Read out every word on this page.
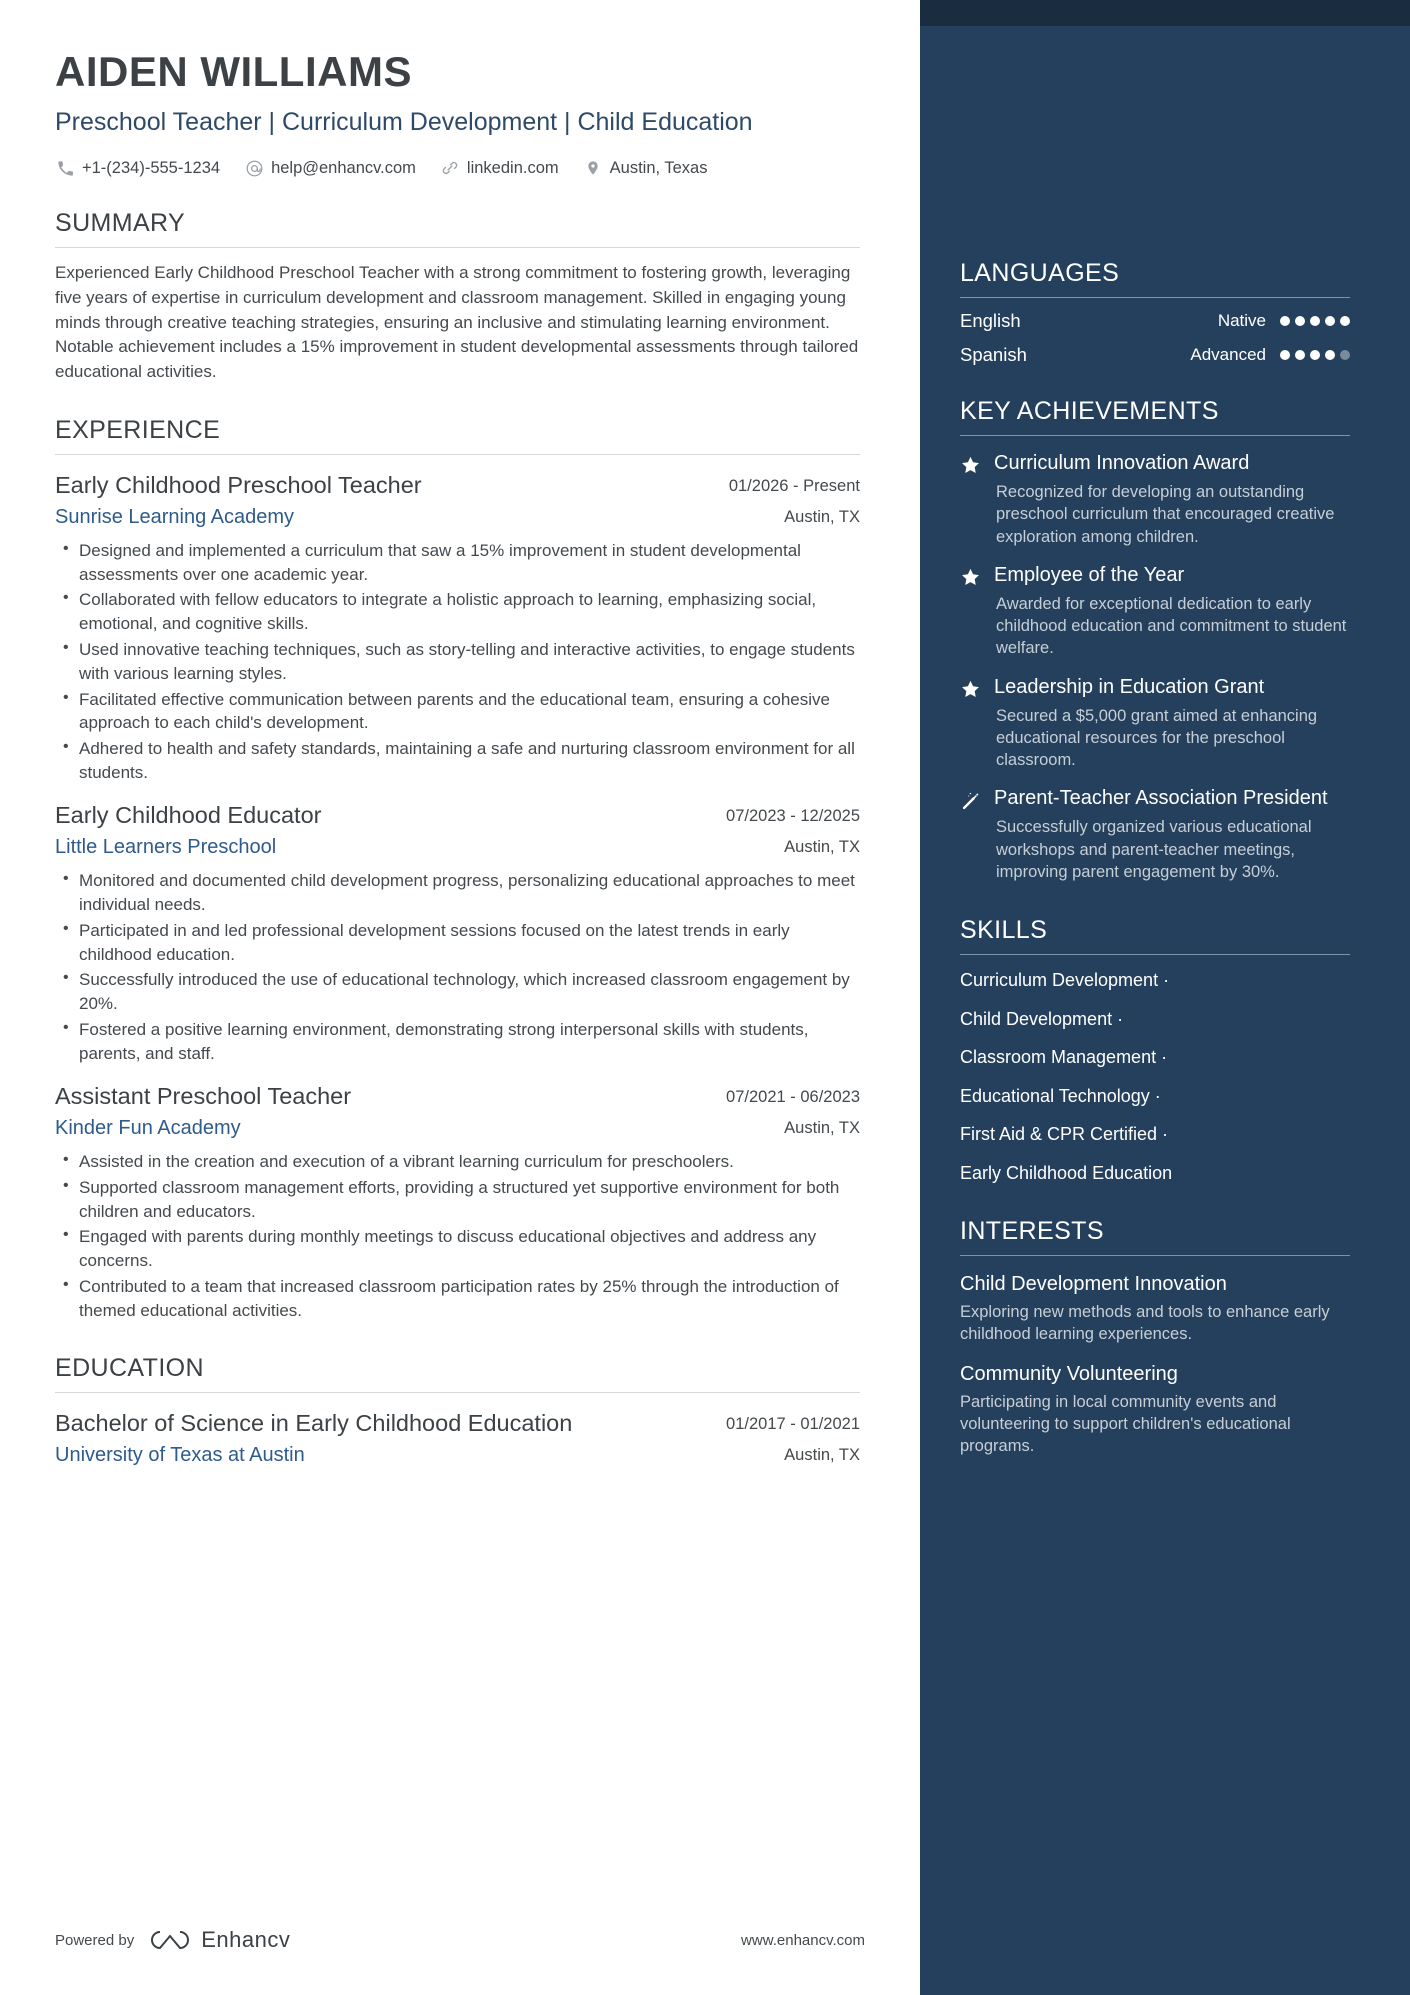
LANGUAGES
English	Native
Spanish	Advanced
KEY ACHIEVEMENTS
Curriculum Innovation Award
Recognized for developing an outstanding preschool curriculum that encouraged creative exploration among children.
Employee of the Year
Awarded for exceptional dedication to early childhood education and commitment to student welfare.
Leadership in Education Grant
Secured a $5,000 grant aimed at enhancing educational resources for the preschool classroom.
Parent-Teacher Association President
Successfully organized various educational workshops and parent-teacher meetings, improving parent engagement by 30%.
SKILLS
Curriculum Development ·
Child Development ·
Classroom Management ·
Educational Technology ·
First Aid & CPR Certified ·
Early Childhood Education
INTERESTS
Child Development Innovation
Exploring new methods and tools to enhance early childhood learning experiences.
Community Volunteering
Participating in local community events and volunteering to support children's educational programs.
AIDEN WILLIAMS
Preschool Teacher | Curriculum Development | Child Education
+1-(234)-555-1234	help@enhancv.com	linkedin.com	Austin, Texas
SUMMARY

Experienced Early Childhood Preschool Teacher with a strong commitment to fostering growth, leveraging five years of expertise in curriculum development and classroom management. Skilled in engaging young minds through creative teaching strategies, ensuring an inclusive and stimulating learning environment. Notable achievement includes a 15% improvement in student developmental assessments through tailored educational activities.

EXPERIENCE
Early Childhood Preschool Teacher	01/2026 - Present
Sunrise Learning Academy	Austin, TX
• Designed and implemented a curriculum that saw a 15% improvement in student developmental assessments over one academic year.
• Collaborated with fellow educators to integrate a holistic approach to learning, emphasizing social, emotional, and cognitive skills.
• Used innovative teaching techniques, such as story-telling and interactive activities, to engage students with various learning styles.
• Facilitated effective communication between parents and the educational team, ensuring a cohesive approach to each child's development.
• Adhered to health and safety standards, maintaining a safe and nurturing classroom environment for all students.
Early Childhood Educator	07/2023 - 12/2025
Little Learners Preschool	Austin, TX
• Monitored and documented child development progress, personalizing educational approaches to meet individual needs.
• Participated in and led professional development sessions focused on the latest trends in early childhood education.
• Successfully introduced the use of educational technology, which increased classroom engagement by 20%.
• Fostered a positive learning environment, demonstrating strong interpersonal skills with students, parents, and staff.
Assistant Preschool Teacher	07/2021 - 06/2023
Kinder Fun Academy	Austin, TX
• Assisted in the creation and execution of a vibrant learning curriculum for preschoolers.
• Supported classroom management efforts, providing a structured yet supportive environment for both children and educators.
• Engaged with parents during monthly meetings to discuss educational objectives and address any concerns.
• Contributed to a team that increased classroom participation rates by 25% through the introduction of themed educational activities.
EDUCATION
Bachelor of Science in Early Childhood Education	01/2017 - 01/2021
University of Texas at Austin	Austin, TX
Powered by	Enhancv	www.enhancv.com
